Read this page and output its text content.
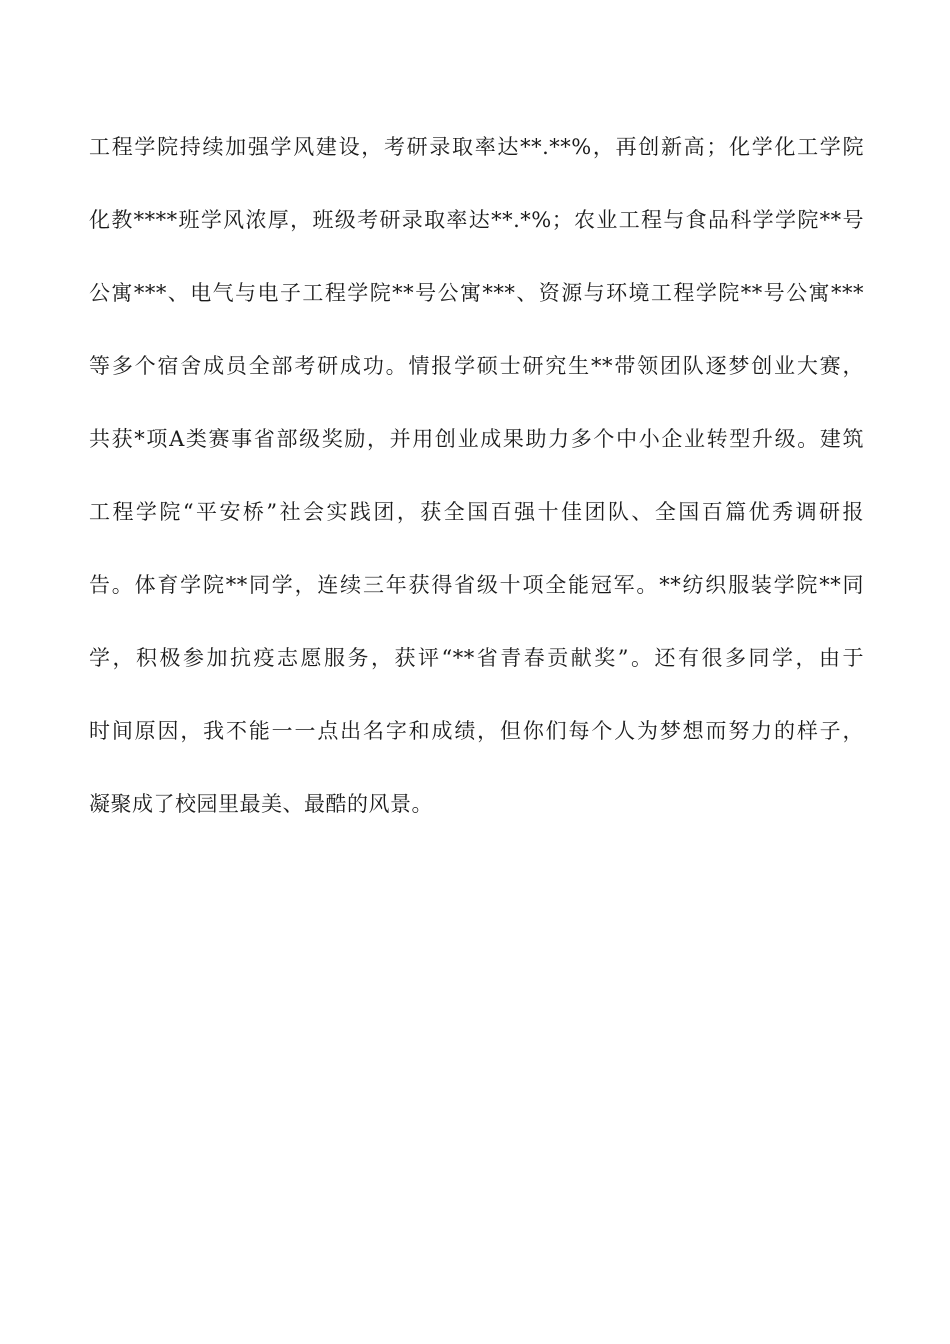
工程学院持续加强学风建设，考研录取率达**.**%，再创新高；化学化工学院
化教****班学风浓厚，班级考研录取率达**.*%；农业工程与食品科学学院**号
公寓***、电气与电子工程学院**号公寓***、资源与环境工程学院**号公寓***
等多个宿舍成员全部考研成功。情报学硕士研究生**带领团队逐梦创业大赛，
共获*项A类赛事省部级奖励，并用创业成果助力多个中小企业转型升级。建筑
工程学院“平安桥”社会实践团，获全国百强十佳团队、全国百篇优秀调研报
告。体育学院**同学，连续三年获得省级十项全能冠军。**纺织服装学院**同
学，积极参加抗疫志愿服务，获评“**省青春贡献奖”。还有很多同学，由于
时间原因，我不能一一点出名字和成绩，但你们每个人为梦想而努力的样子，
凝聚成了校园里最美、最酷的风景。
